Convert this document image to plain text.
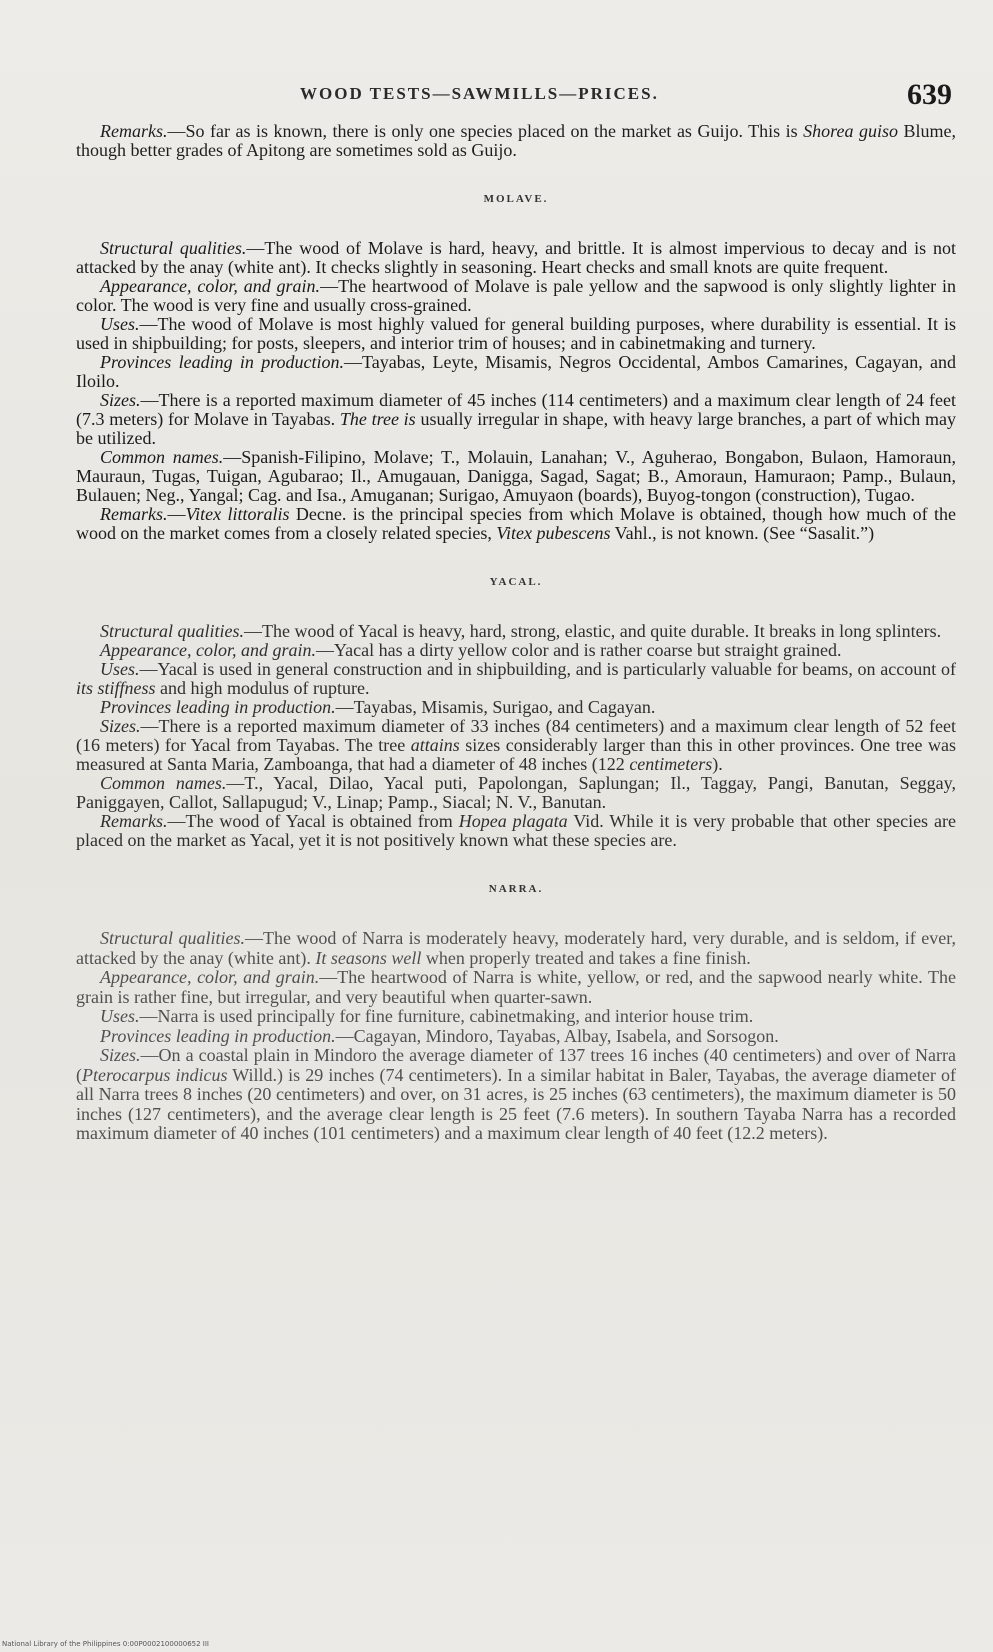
WOOD TESTS—SAWMILLS—PRICES.	639

Remarks.—So far as is known, there is only one species placed on the market as Guijo. This is Shorea guiso Blume, though better grades of Apitong are sometimes sold as Guijo.

MOLAVE.

Structural qualities.—The wood of Molave is hard, heavy, and brittle. It is almost impervious to decay and is not attacked by the anay (white ant). It checks slightly in seasoning. Heart checks and small knots are quite frequent.

Appearance, color, and grain.—The heartwood of Molave is pale yellow and the sapwood is only slightly lighter in color. The wood is very fine and usually cross-grained.

Uses.—The wood of Molave is most highly valued for general building purposes, where durability is essential. It is used in shipbuilding; for posts, sleepers, and interior trim of houses; and in cabinetmaking and turnery.

Provinces leading in production.—Tayabas, Leyte, Misamis, Negros Occidental, Ambos Camarines, Cagayan, and Iloilo.

Sizes.—There is a reported maximum diameter of 45 inches (114 centimeters) and a maximum clear length of 24 feet (7.3 meters) for Molave in Tayabas. The tree is usually irregular in shape, with heavy large branches, a part of which may be utilized.

Common names.—Spanish-Filipino, Molave; T., Molauin, Lanahan; V., Aguherao, Bongabon, Bulaon, Hamoraun, Mauraun, Tugas, Tuigan, Agubarao; Il., Amugauan, Danigga, Sagad, Sagat; B., Amoraun, Hamuraon; Pamp., Bulaun, Bulauen; Neg., Yangal; Cag. and Isa., Amuganan; Surigao, Amuyaon (boards), Buyog-tongon (construction), Tugao.

Remarks.—Vitex littoralis Decne. is the principal species from which Molave is obtained, though how much of the wood on the market comes from a closely related species, Vitex pubescens Vahl., is not known. (See “Sasalit.”)

YACAL.

Structural qualities.—The wood of Yacal is heavy, hard, strong, elastic, and quite durable. It breaks in long splinters.

Appearance, color, and grain.—Yacal has a dirty yellow color and is rather coarse but straight grained.

Uses.—Yacal is used in general construction and in shipbuilding, and is particularly valuable for beams, on account of its stiffness and high modulus of rupture.

Provinces leading in production.—Tayabas, Misamis, Surigao, and Cagayan.

Sizes.—There is a reported maximum diameter of 33 inches (84 centimeters) and a maximum clear length of 52 feet (16 meters) for Yacal from Tayabas. The tree attains sizes considerably larger than this in other provinces. One tree was measured at Santa Maria, Zamboanga, that had a diameter of 48 inches (122 centimeters).

Common names.—T., Yacal, Dilao, Yacal puti, Papolongan, Saplungan; Il., Taggay, Pangi, Banutan, Seggay, Paniggayen, Callot, Sallapugud; V., Linap; Pamp., Siacal; N. V., Banutan.

Remarks.—The wood of Yacal is obtained from Hopea plagata Vid. While it is very probable that other species are placed on the market as Yacal, yet it is not positively known what these species are.

NARRA.

Structural qualities.—The wood of Narra is moderately heavy, moderately hard, very durable, and is seldom, if ever, attacked by the anay (white ant). It seasons well when properly treated and takes a fine finish.

Appearance, color, and grain.—The heartwood of Narra is white, yellow, or red, and the sapwood nearly white. The grain is rather fine, but irregular, and very beautiful when quarter-sawn.

Uses.—Narra is used principally for fine furniture, cabinetmaking, and interior house trim.

Provinces leading in production.—Cagayan, Mindoro, Tayabas, Albay, Isabela, and Sorsogon.

Sizes.—On a coastal plain in Mindoro the average diameter of 137 trees 16 inches (40 centimeters) and over of Narra (Pterocarpus indicus Willd.) is 29 inches (74 centimeters). In a similar habitat in Baler, Tayabas, the average diameter of all Narra trees 8 inches (20 centimeters) and over, on 31 acres, is 25 inches (63 centimeters), the maximum diameter is 50 inches (127 centimeters), and the average clear length is 25 feet (7.6 meters). In southern Tayaba Narra has a recorded maximum diameter of 40 inches (101 centimeters) and a maximum clear length of 40 feet (12.2 meters).

National Library of the Philippines 0:00P0002100000652 III
